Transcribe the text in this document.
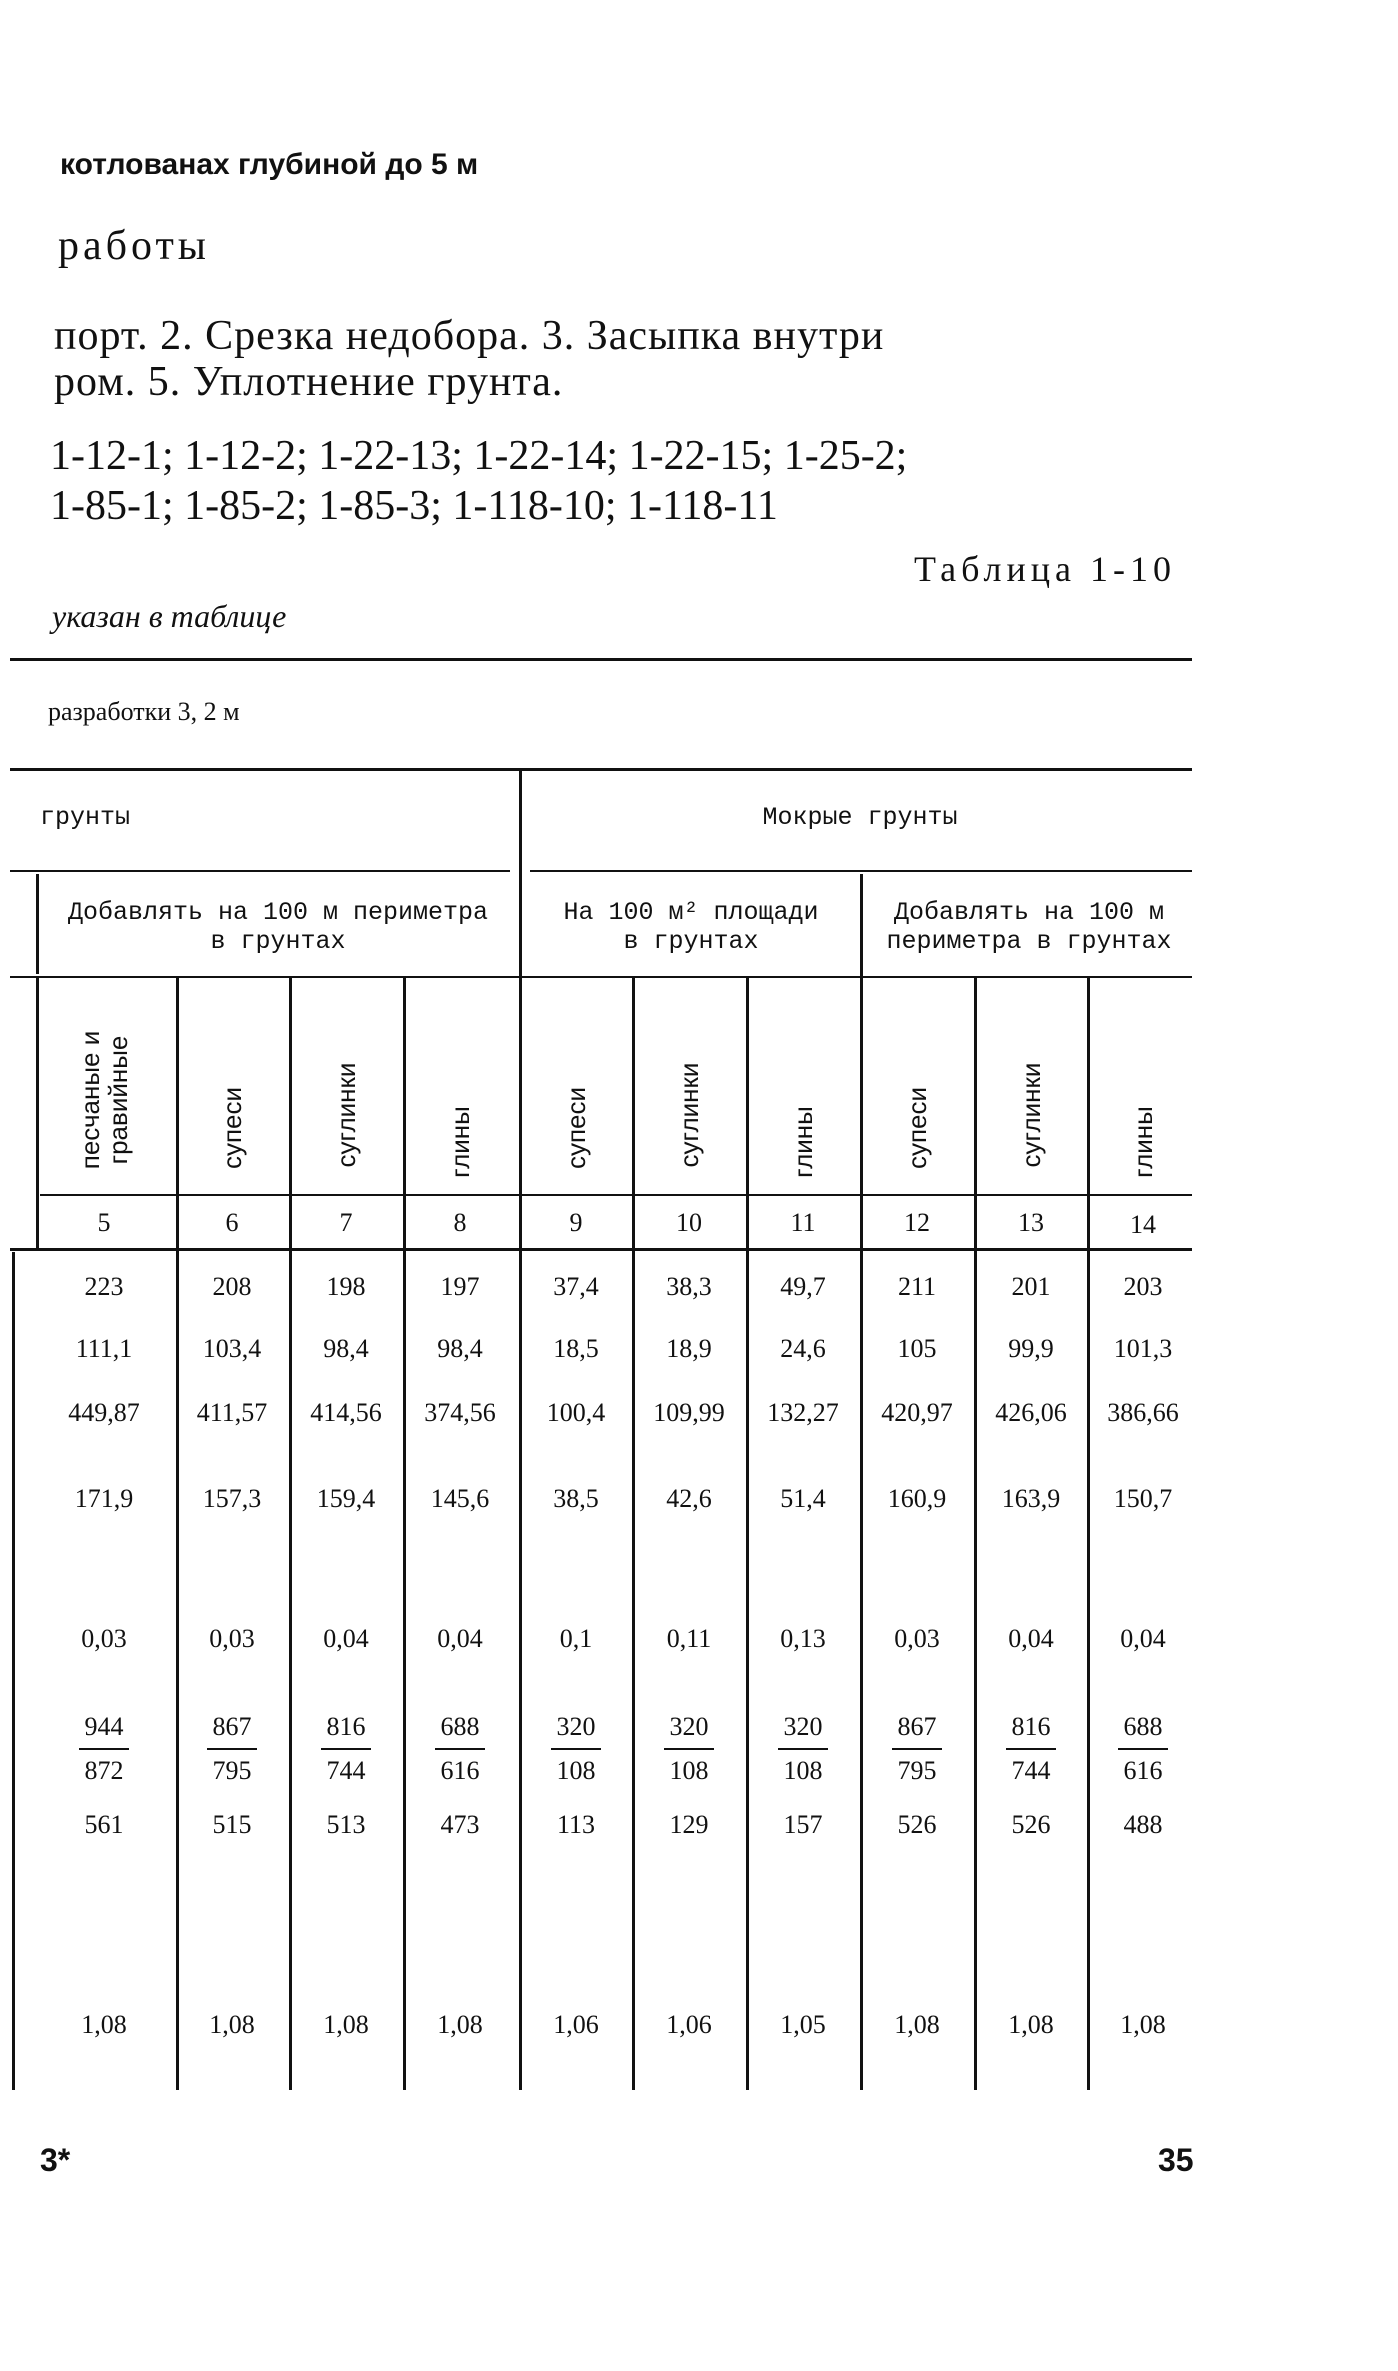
котлованах глубиной до 5 м
работы
порт. 2. Срезка недобора. 3. Засыпка внутри
ром. 5. Уплотнение грунта.
1-12-1; 1-12-2; 1-22-13; 1-22-14; 1-22-15; 1-25-2;
1-85-1; 1-85-2; 1-85-3; 1-118-10; 1-118-11
Таблица 1-10
указан в таблице
разработки 3, 2 м
грунты	Мокрые грунты
Добавлять на 100 м периметра
в грунтах
На 100 м² площади
в грунтах
Добавлять на 100 м
периметра в грунтах
песчаные и
гравийные	супеси	суглинки	глины	супеси	суглинки	глины	супеси	суглинки	глины
5	6	7	8	9	10	11	12	13	14
223	208	198	197	37,4	38,3	49,7	211	201	203
111,1	103,4 98,4	98,4	18,5	18,9	24,6	105	99,9 101,3
449,87 411,57 414,56 374,56 100,4 109,99 132,27 420,97 426,06 386,66
171,9	157,3 159,4 145,6 38,5	42,6	51,4 160,9 163,9 150,7
0,03	0,03	0,04	0,04	0,1	0,11	0,13	0,03	0,04	0,04
944	867	816	688	320	320	320	867	816	688
872	795	744	616	108	108	108	795	744	616
561	515	513	473	113	129	157	526	526	488
1,08	1,08	1,08	1,08	1,06	1,06	1,05	1,08	1,08	1,08
3*	35
